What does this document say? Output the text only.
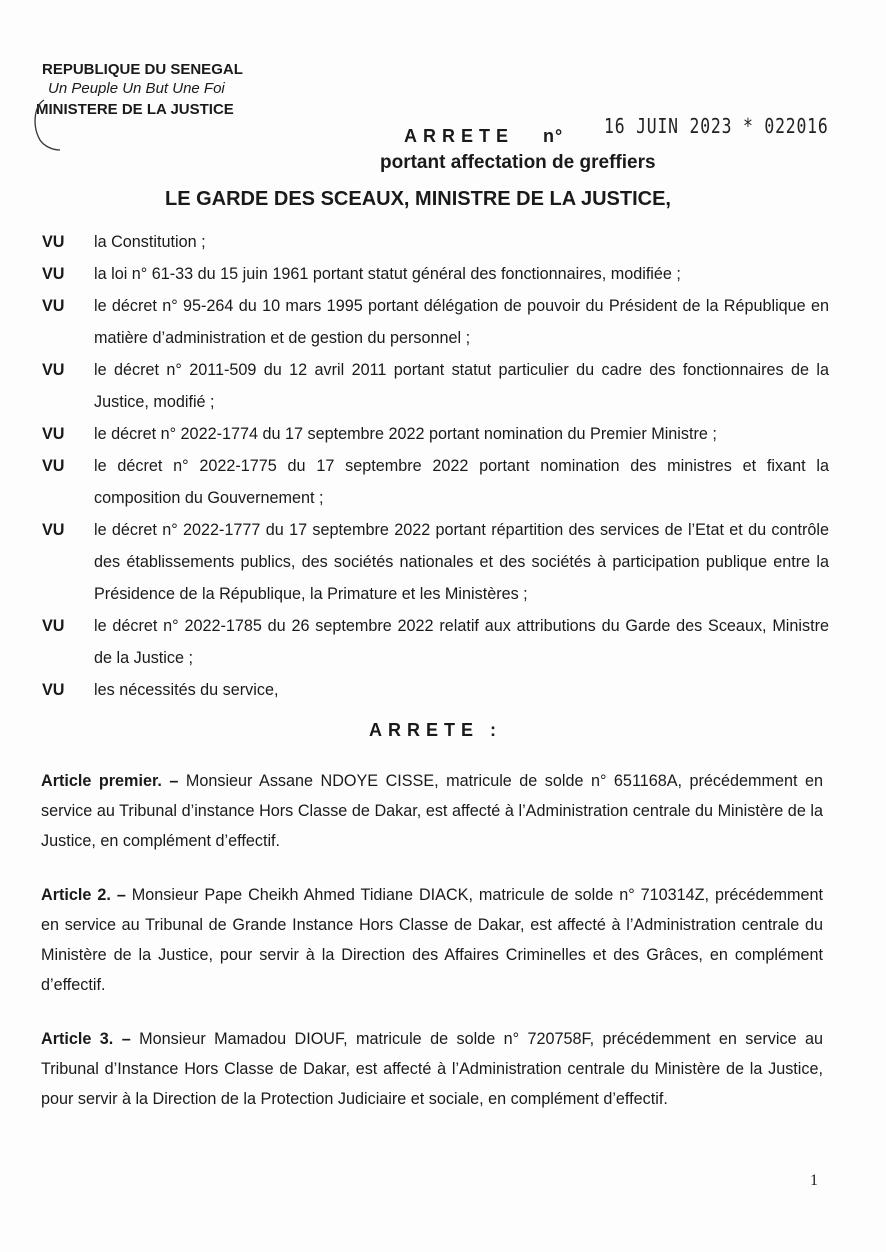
REPUBLIQUE DU SENEGAL
Un Peuple Un But Une Foi
MINISTERE DE LA JUSTICE
ARRETE n° 16 JUIN 2023 * 022016
portant affectation de greffiers
LE GARDE DES SCEAUX, MINISTRE DE LA JUSTICE,
VU	la Constitution ;
VU	la loi n° 61-33 du 15 juin 1961 portant statut général des fonctionnaires, modifiée ;
VU	le décret n° 95-264 du 10 mars 1995 portant délégation de pouvoir du Président de la République en matière d’administration et de gestion du personnel ;
VU	le décret n° 2011-509 du 12 avril 2011 portant statut particulier du cadre des fonctionnaires de la Justice, modifié ;
VU	le décret n° 2022-1774 du 17 septembre 2022 portant nomination du Premier Ministre ;
VU	le décret n° 2022-1775 du 17 septembre 2022 portant nomination des ministres et fixant la composition du Gouvernement ;
VU	le décret n° 2022-1777 du 17 septembre 2022 portant répartition des services de l’Etat et du contrôle des établissements publics, des sociétés nationales et des sociétés à participation publique entre la Présidence de la République, la Primature et les Ministères ;
VU	le décret n° 2022-1785 du 26 septembre 2022 relatif aux attributions du Garde des Sceaux, Ministre de la Justice ;
VU	les nécessités du service,
ARRETE :

Article premier. – Monsieur Assane NDOYE CISSE, matricule de solde n° 651168A, précédemment en service au Tribunal d’instance Hors Classe de Dakar, est affecté à l’Administration centrale du Ministère de la Justice, en complément d’effectif.

Article 2. – Monsieur Pape Cheikh Ahmed Tidiane DIACK, matricule de solde n° 710314Z, précédemment en service au Tribunal de Grande Instance Hors Classe de Dakar, est affecté à l’Administration centrale du Ministère de la Justice, pour servir à la Direction des Affaires Criminelles et des Grâces, en complément d’effectif.

Article 3. – Monsieur Mamadou DIOUF, matricule de solde n° 720758F, précédemment en service au Tribunal d’Instance Hors Classe de Dakar, est affecté à l’Administration centrale du Ministère de la Justice, pour servir à la Direction de la Protection Judiciaire et sociale, en complément d’effectif.

1
